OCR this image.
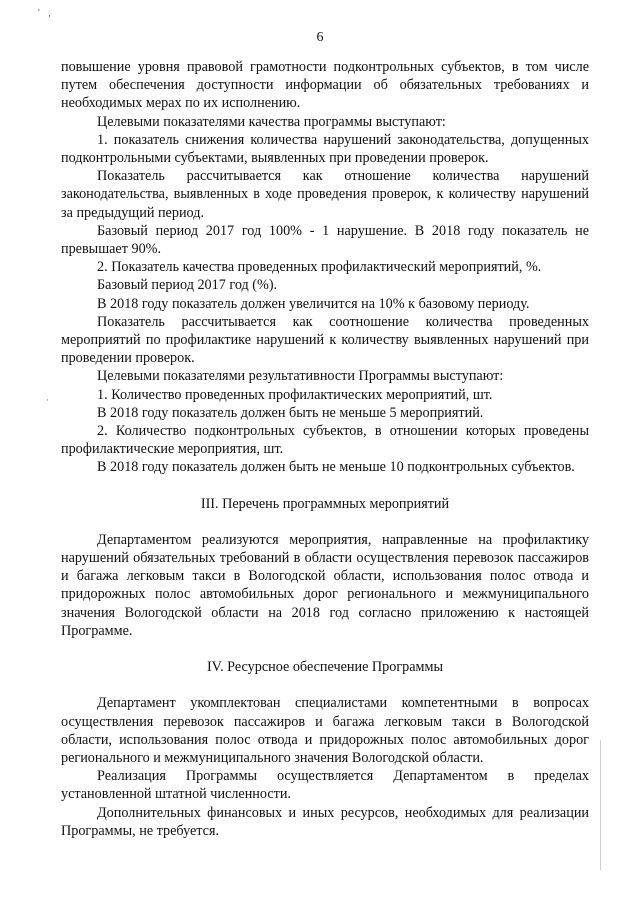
' ,
6
·

повышение уровня правовой грамотности подконтрольных субъектов, в том числе путем обеспечения доступности информации об обязательных требованиях и необходимых мерах по их исполнению.

Целевыми показателями качества программы выступают:

1. показатель снижения количества нарушений законодательства, допущенных подконтрольными субъектами, выявленных при проведении проверок.

Показатель рассчитывается как отношение количества нарушений законодательства, выявленных в ходе проведения проверок, к количеству нарушений за предыдущий период.

Базовый период 2017 год 100% - 1 нарушение. В 2018 году показатель не превышает 90%.

2. Показатель качества проведенных профилактический мероприятий, %.

Базовый период 2017 год (%).

В 2018 году показатель должен увеличится на 10% к базовому периоду.

Показатель рассчитывается как соотношение количества проведенных мероприятий по профилактике нарушений к количеству выявленных нарушений при проведении проверок.

Целевыми показателями результативности Программы выступают:

1. Количество проведенных профилактических мероприятий, шт.

В 2018 году показатель должен быть не меньше 5 мероприятий.

2. Количество подконтрольных субъектов, в отношении которых проведены профилактические мероприятия, шт.

В 2018 году показатель должен быть не меньше 10 подконтрольных субъектов.

III. Перечень программных мероприятий

Департаментом реализуются мероприятия, направленные на профилактику нарушений обязательных требований в области осуществления перевозок пассажиров и багажа легковым такси в Вологодской области, использования полос отвода и придорожных полос автомобильных дорог регионального и межмуниципального значения Вологодской области на 2018 год согласно приложению к настоящей Программе.

IV. Ресурсное обеспечение Программы

Департамент укомплектован специалистами компетентными в вопросах осуществления перевозок пассажиров и багажа легковым такси в Вологодской области, использования полос отвода и придорожных полос автомобильных дорог регионального и межмуниципального значения Вологодской области.

Реализация Программы осуществляется Департаментом в пределах установленной штатной численности.

Дополнительных финансовых и иных ресурсов, необходимых для реализации Программы, не требуется.
